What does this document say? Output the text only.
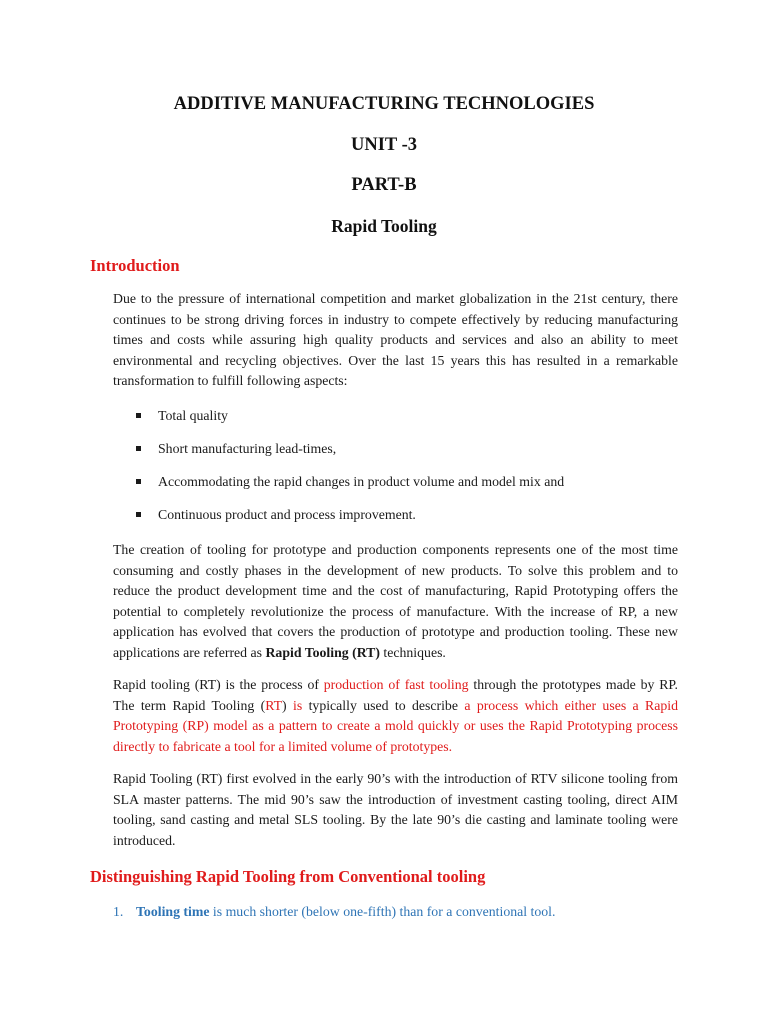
ADDITIVE MANUFACTURING TECHNOLOGIES
UNIT -3
PART-B
Rapid Tooling
Introduction
Due to the pressure of international competition and market globalization in the 21st century, there continues to be strong driving forces in industry to compete effectively by reducing manufacturing times and costs while assuring high quality products and services and also an ability to meet environmental and recycling objectives. Over the last 15 years this has resulted in a remarkable transformation to fulfill following aspects:
Total quality
Short manufacturing lead-times,
Accommodating the rapid changes in product volume and model mix and
Continuous product and process improvement.
The creation of tooling for prototype and production components represents one of the most time consuming and costly phases in the development of new products. To solve this problem and to reduce the product development time and the cost of manufacturing, Rapid Prototyping offers the potential to completely revolutionize the process of manufacture. With the increase of RP, a new application has evolved that covers the production of prototype and production tooling. These new applications are referred as Rapid Tooling (RT) techniques.
Rapid tooling (RT) is the process of production of fast tooling through the prototypes made by RP. The term Rapid Tooling (RT) is typically used to describe a process which either uses a Rapid Prototyping (RP) model as a pattern to create a mold quickly or uses the Rapid Prototyping process directly to fabricate a tool for a limited volume of prototypes.
Rapid Tooling (RT) first evolved in the early 90’s with the introduction of RTV silicone tooling from SLA master patterns. The mid 90’s saw the introduction of investment casting tooling, direct AIM tooling, sand casting and metal SLS tooling. By the late 90’s die casting and laminate tooling were introduced.
Distinguishing Rapid Tooling from Conventional tooling
1. Tooling time is much shorter (below one-fifth) than for a conventional tool.
